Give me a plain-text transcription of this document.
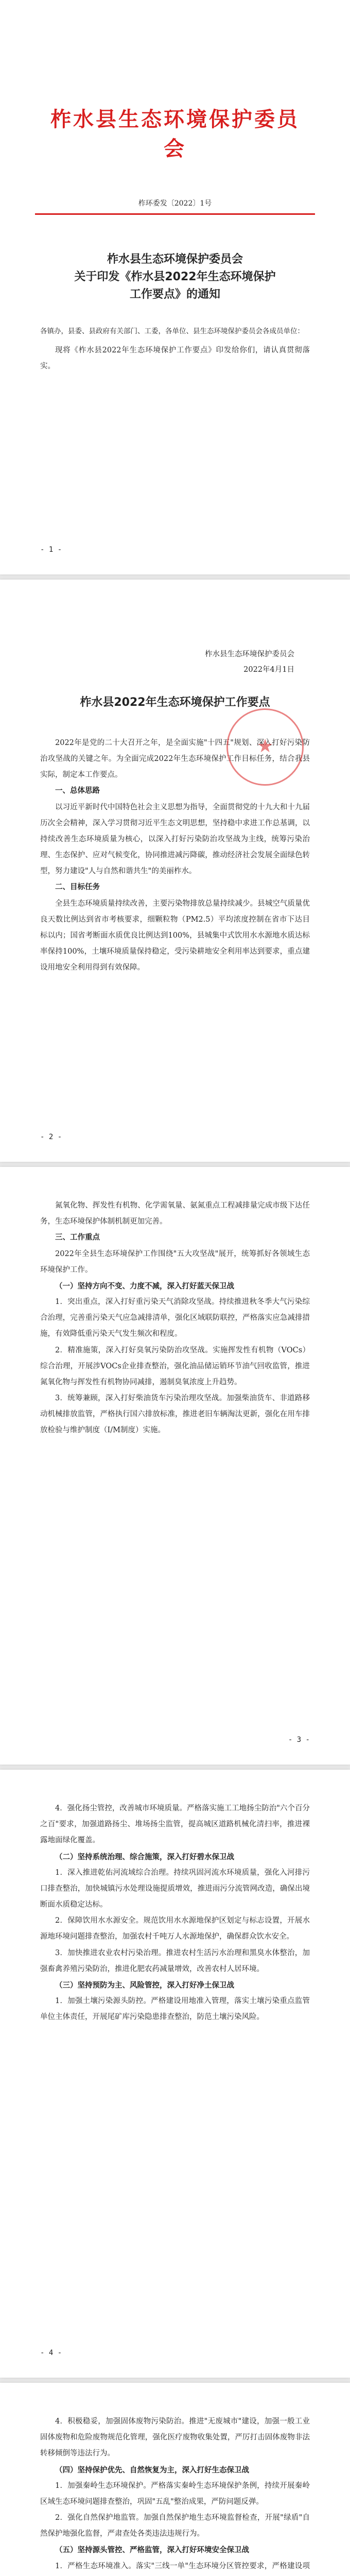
柞水县生态环境保护委员会
柞环委发〔2022〕1号
柞水县生态环境保护委员会
关于印发《柞水县2022年生态环境保护
工作要点》的通知
各镇办，县委、县政府有关部门、工委，各单位、县生态环境保护委员会各成员单位：

现将《柞水县2022年生态环境保护工作要点》印发给你们，请认真贯彻落实。

- 1 -
★
柞水县生态环境保护委员会
2022年4月1日
柞水县2022年生态环境保护工作要点

2022年是党的二十大召开之年，是全面实施"十四五"规划、深入打好污染防治攻坚战的关键之年。为全面完成2022年生态环境保护工作目标任务，结合我县实际，制定本工作要点。

一、总体思路

以习近平新时代中国特色社会主义思想为指导，全面贯彻党的十九大和十九届历次全会精神，深入学习贯彻习近平生态文明思想，坚持稳中求进工作总基调，以持续改善生态环境质量为核心，以深入打好污染防治攻坚战为主线，统筹污染治理、生态保护、应对气候变化，协同推进减污降碳，推动经济社会发展全面绿色转型，努力建设"人与自然和谐共生"的美丽柞水。

二、目标任务

全县生态环境质量持续改善，主要污染物排放总量持续减少。县城空气质量优良天数比例达到省市考核要求，细颗粒物（PM2.5）平均浓度控制在省市下达目标以内；国省考断面水质优良比例达到100%，县城集中式饮用水水源地水质达标率保持100%，土壤环境质量保持稳定，受污染耕地安全利用率达到要求，重点建设用地安全利用得到有效保障。

- 2 -

氮氧化物、挥发性有机物、化学需氧量、氨氮重点工程减排量完成市级下达任务，生态环境保护体制机制更加完善。

三、工作重点

2022年全县生态环境保护工作围绕"五大攻坚战"展开，统筹抓好各领域生态环境保护工作。

（一）坚持方向不变、力度不减，深入打好蓝天保卫战

1．突出重点，深入打好重污染天气消除攻坚战。持续推进秋冬季大气污染综合治理，完善重污染天气应急减排清单，强化区域联防联控，严格落实应急减排措施，有效降低重污染天气发生频次和程度。

2．精准施策，深入打好臭氧污染防治攻坚战。实施挥发性有机物（VOCs）综合治理，开展涉VOCs企业排查整治，强化油品储运销环节油气回收监管，推进氮氧化物与挥发性有机物协同减排，遏制臭氧浓度上升趋势。

3．统筹兼顾，深入打好柴油货车污染治理攻坚战。加强柴油货车、非道路移动机械排放监管，严格执行国六排放标准，推进老旧车辆淘汰更新，强化在用车排放检验与维护制度（I/M制度）实施。

- 3 -

4．强化扬尘管控，改善城市环境质量。严格落实施工工地扬尘防治"六个百分之百"要求，加强道路扬尘、堆场扬尘监管，提高城区道路机械化清扫率，推进裸露地面绿化覆盖。

（二）坚持系统治理、综合施策，深入打好碧水保卫战

1．深入推进乾佑河流域综合治理。持续巩固河流水环境质量，强化入河排污口排查整治，加快城镇污水处理设施提质增效，推进雨污分流管网改造，确保出境断面水质稳定达标。

2．保障饮用水水源安全。规范饮用水水源地保护区划定与标志设置，开展水源地环境问题排查整治，加强农村千吨万人水源地保护，确保群众饮水安全。

3．加快推进农业农村污染治理。推进农村生活污水治理和黑臭水体整治，加强畜禽养殖污染防治，推进化肥农药减量增效，改善农村人居环境。

（三）坚持预防为主、风险管控，深入打好净土保卫战

1．加强土壤污染源头防控。严格建设用地准入管理，落实土壤污染重点监管单位主体责任，开展尾矿库污染隐患排查整治，防范土壤污染风险。

- 4 -

4．积极稳妥，加强固体废物污染防治。推进"无废城市"建设，加强一般工业固体废物和危险废物规范化管理，强化医疗废物收集处置，严厉打击固体废物非法转移倾倒等违法行为。

（四）坚持保护优先、自然恢复为主，深入打好生态保卫战

1．加强秦岭生态环境保护。严格落实秦岭生态环境保护条例，持续开展秦岭区域生态环境问题排查整治，巩固"五乱"整治成果，严防问题反弹。

2．强化自然保护地监管。加强自然保护地生态环境监督检查，开展"绿盾"自然保护地强化监督，严肃查处各类违法违规行为。

（五）坚持源头管控、严格监管，深入打好环境安全保卫战

1．严格生态环境准入。落实"三线一单"生态环境分区管控要求，严格建设项
